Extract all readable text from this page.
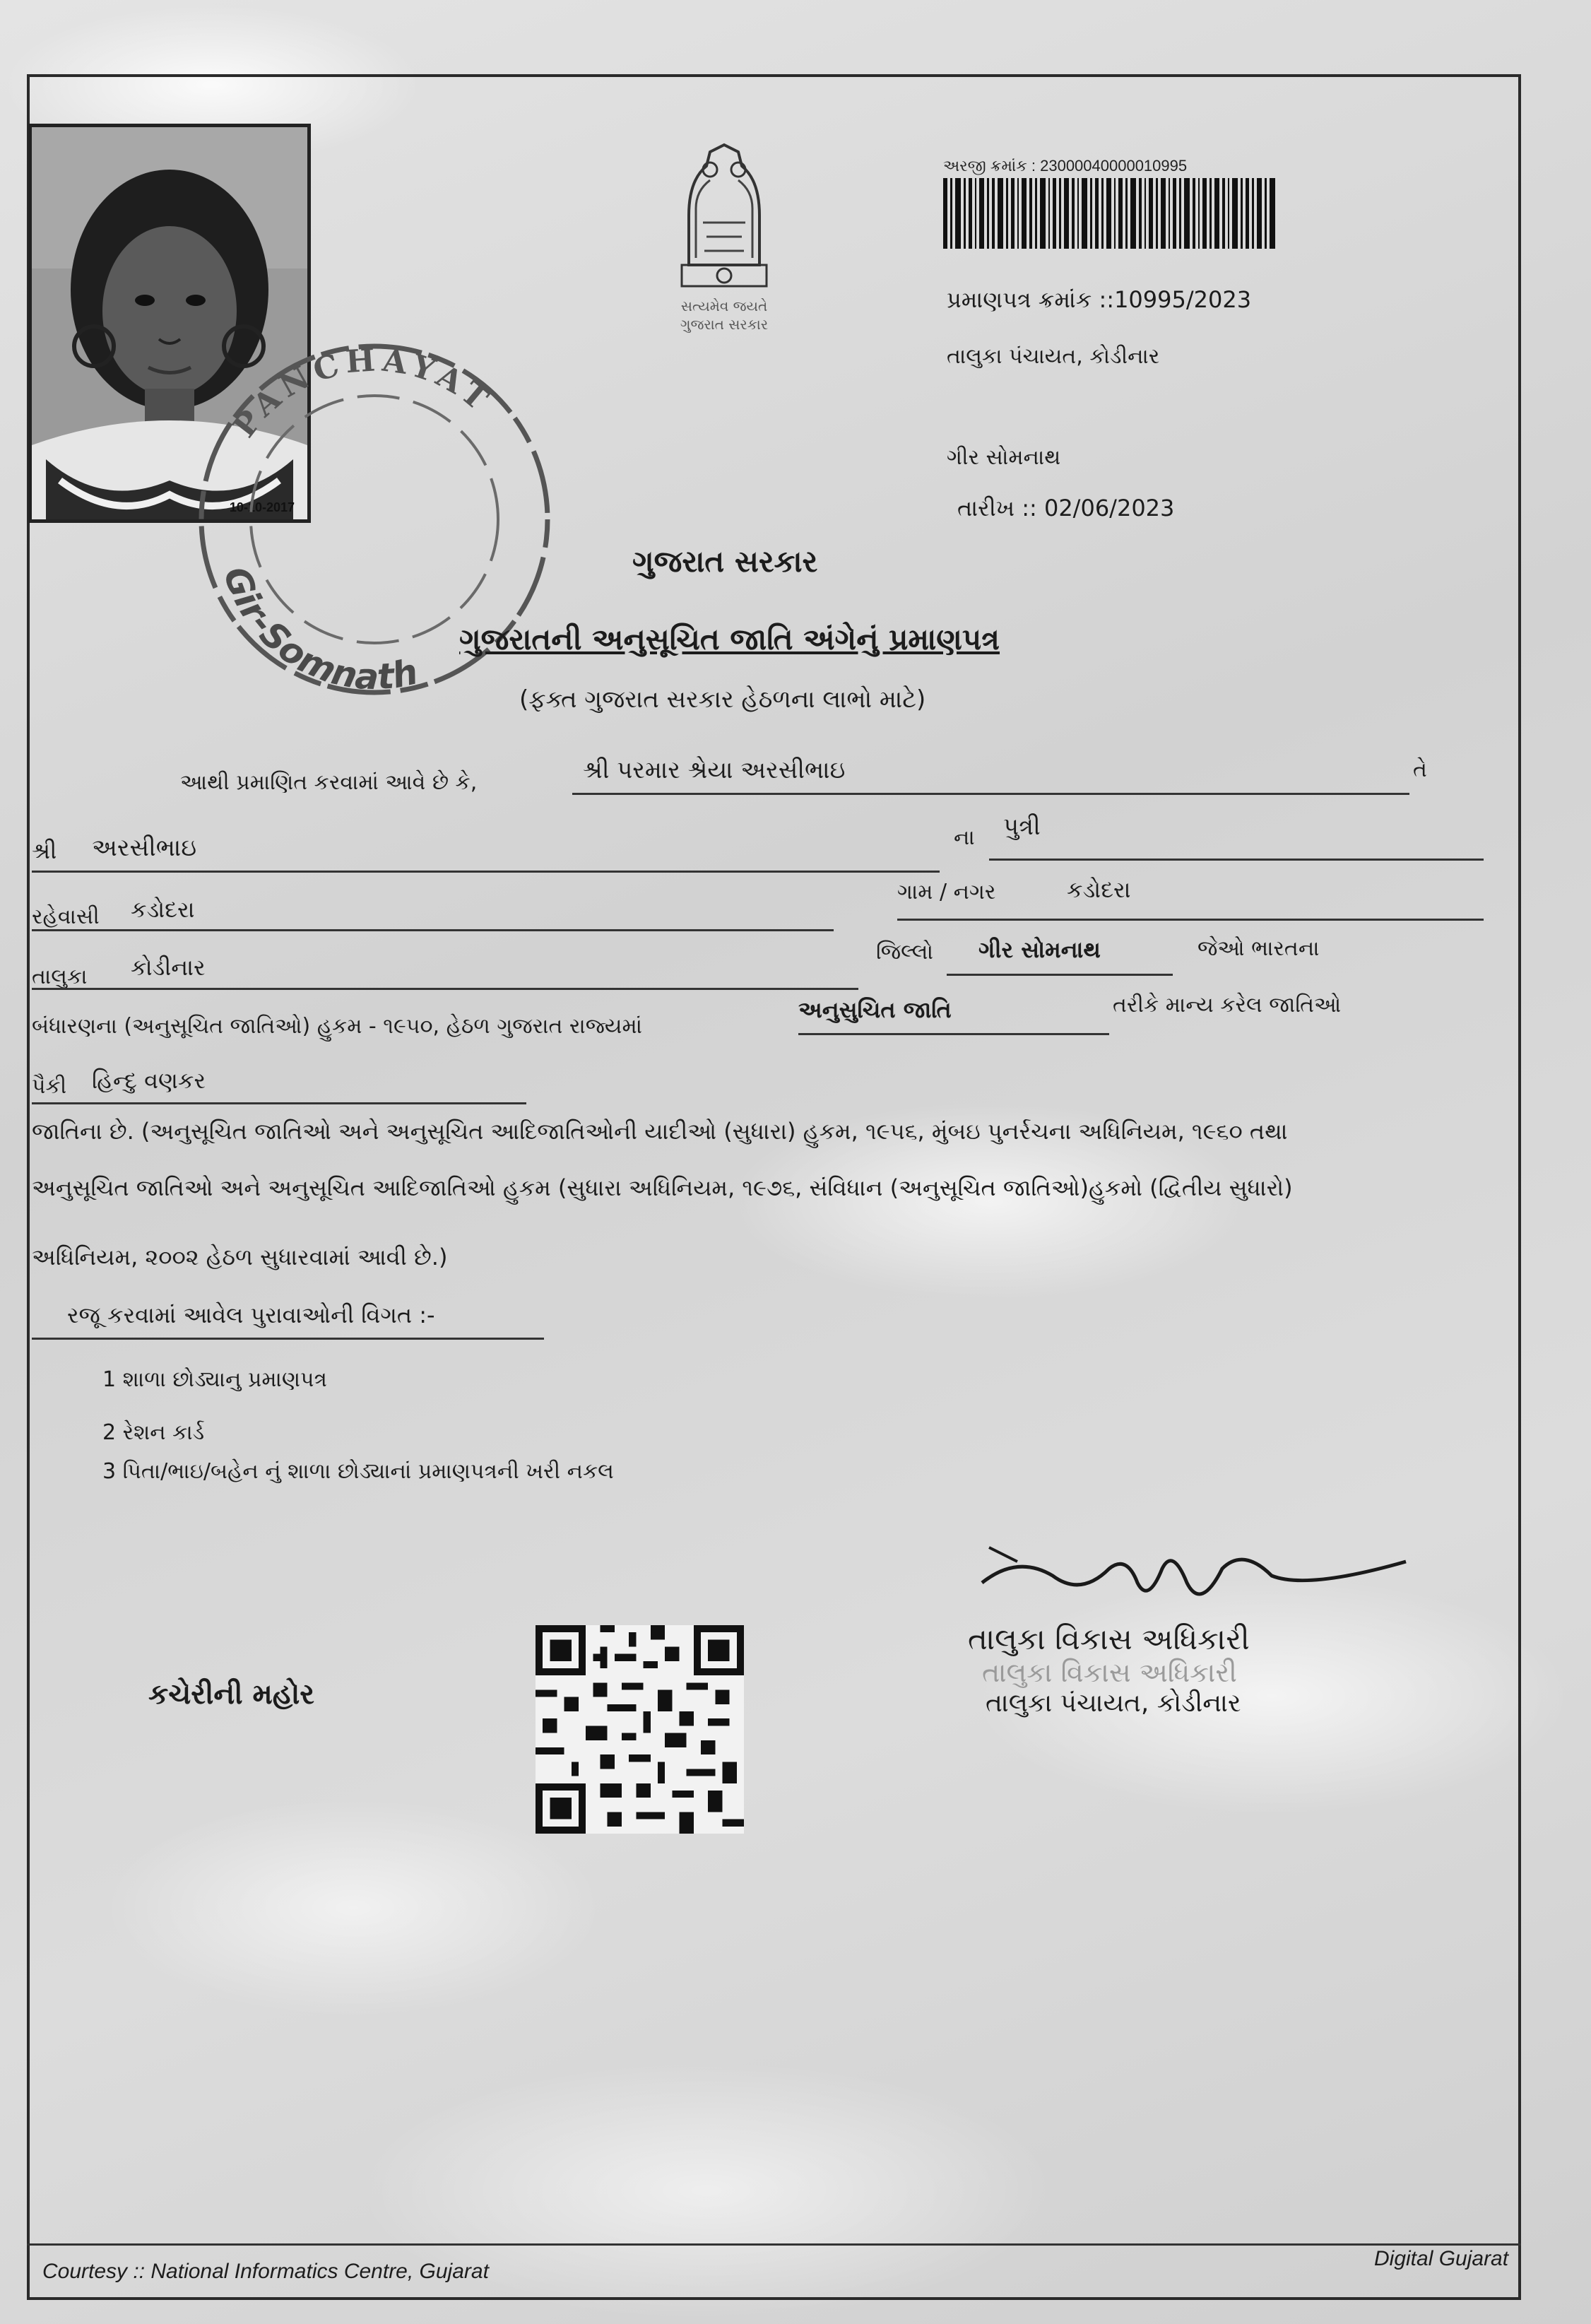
10-10-2017
સત્યમેવ જયતે
ગુજરાત સરકાર
PANCHAYAT
Gir-Somnath
અરજી ક્રમાંક : 23000040000010995
પ્રમાણપત્ર ક્રમાંક ::10995/2023
તાલુકા પંચાયત, કોડીનાર
ગીર સોમનાથ
તારીખ :: 02/06/2023
ગુજરાત સરકાર
ગુજરાતની અનુસૂચિત જાતિ અંગેનું પ્રમાણપત્ર
(ફક્ત ગુજરાત સરકાર હેઠળના લાભો માટે)
આથી પ્રમાણિત કરવામાં આવે છે કે,	શ્રી પરમાર શ્રેયા અરસીભાઇ	તે
શ્રી અરસીભાઇ	ના પુત્રી
રહેવાસી કડોદરા
ગામ / નગર	કડોદરા
તાલુકા કોડીનાર
જિલ્લો ગીર સોમનાથ	જેઓ ભારતના
બંધારણના (અનુસૂચિત જાતિઓ) હુકમ - ૧૯૫૦, હેઠળ ગુજરાત રાજ્યમાં
અનુસુચિત જાતિ	તરીકે માન્ય કરેલ જાતિઓ
પૈકી હિન્દુ વણકર
જાતિના છે. (અનુસૂચિત જાતિઓ અને અનુસૂચિત આદિજાતિઓની યાદીઓ (સુધારા) હુકમ, ૧૯૫૬, મુંબઇ પુનર્રચના અધિનિયમ, ૧૯૬૦ તથા
અનુસૂચિત જાતિઓ અને અનુસૂચિત આદિજાતિઓ હુકમ (સુધારા અધિનિયમ, ૧૯૭૬, સંવિધાન (અનુસૂચિત જાતિઓ)હુકમો (દ્વિતીય સુધારો)
અધિનિયમ, ૨૦૦૨ હેઠળ સુધારવામાં આવી છે.)
રજૂ કરવામાં આવેલ પુરાવાઓની વિગત :-
1 શાળા છોડ્યાનુ પ્રમાણપત્ર
2 રેશન કાર્ડ
3 પિતા/ભાઇ/બહેન નું શાળા છોડ્યાનાં પ્રમાણપત્રની ખરી નકલ
કચેરીની મહોર
તાલુકા વિકાસ અધિકારી
તાલુકા વિકાસ અધિકારી
તાલુકા પંચાયત, કોડીનાર
Courtesy :: National Informatics Centre, Gujarat
Digital Gujarat
